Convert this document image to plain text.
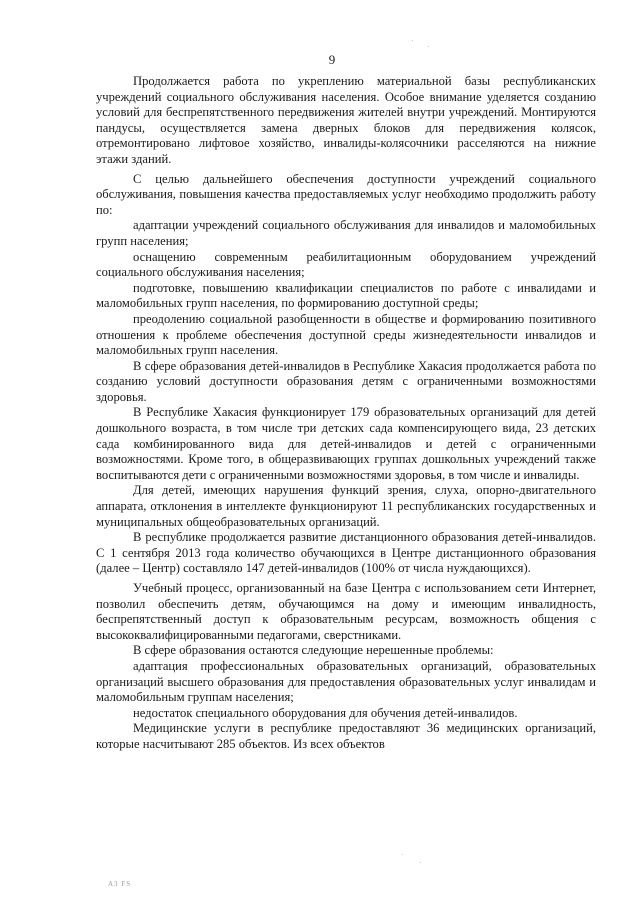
9

Продолжается работа по укреплению материальной базы республиканских учреждений социального обслуживания населения. Особое внимание уделяется созданию условий для беспрепятственного передвижения жителей внутри учреждений. Монтируются пандусы, осуществляется замена дверных блоков для передвижения колясок, отремонтировано лифтовое хозяйство, инвалиды-колясочники расселяются на нижние этажи зданий.

С целью дальнейшего обеспечения доступности учреждений социального обслуживания, повышения качества предоставляемых услуг необходимо продолжить работу по:

адаптации учреждений социального обслуживания для инвалидов и маломобильных групп населения;

оснащению современным реабилитационным оборудованием учреждений социального обслуживания населения;

подготовке, повышению квалификации специалистов по работе с инвалидами и маломобильных групп населения, по формированию доступной среды;

преодолению социальной разобщенности в обществе и формированию позитивного отношения к проблеме обеспечения доступной среды жизнедеятельности инвалидов и маломобильных групп населения.

В сфере образования детей-инвалидов в Республике Хакасия продолжается работа по созданию условий доступности образования детям с ограниченными возможностями здоровья.

В Республике Хакасия функционирует 179 образовательных организаций для детей дошкольного возраста, в том числе три детских сада компенсирующего вида, 23 детских сада комбинированного вида для детей-инвалидов и детей с ограниченными возможностями. Кроме того, в общеразвивающих группах дошкольных учреждений также воспитываются дети с ограниченными возможностями здоровья, в том числе и инвалиды.

Для детей, имеющих нарушения функций зрения, слуха, опорно-двигательного аппарата, отклонения в интеллекте функционируют 11 республиканских государственных и муниципальных общеобразовательных организаций.

В республике продолжается развитие дистанционного образования детей-инвалидов. С 1 сентября 2013 года количество обучающихся в Центре дистанционного образования (далее – Центр) составляло 147 детей-инвалидов (100% от числа нуждающихся).

Учебный процесс, организованный на базе Центра с использованием сети Интернет, позволил обеспечить детям, обучающимся на дому и имеющим инвалидность, беспрепятственный доступ к образовательным ресурсам, возможность общения с высококвалифицированными педагогами, сверстниками.

В сфере образования остаются следующие нерешенные проблемы:

адаптация профессиональных образовательных организаций, образовательных организаций высшего образования для предоставления образовательных услуг инвалидам и маломобильным группам населения;

недостаток специального оборудования для обучения детей-инвалидов.

Медицинские услуги в республике предоставляют 36 медицинских организаций, которые насчитывают 285 объектов. Из всех объектов

A3 FS
